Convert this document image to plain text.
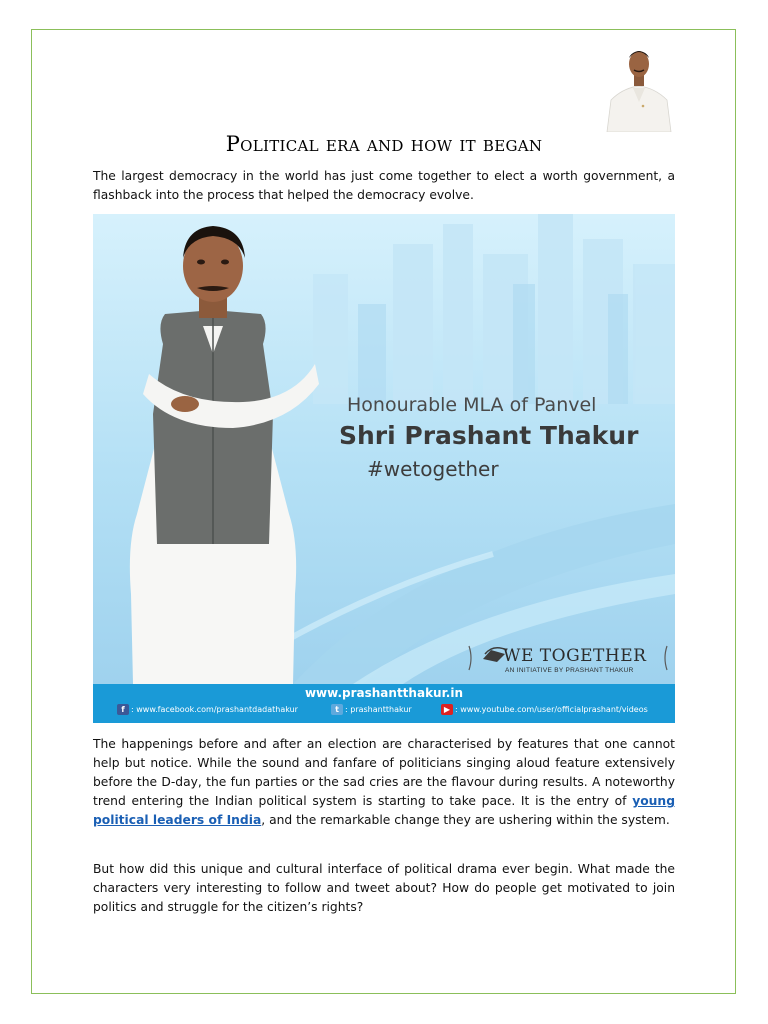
Political era and how it began

The largest democracy in the world has just come together to elect a worth government, a flashback into the process that helped the democracy evolve.

Honourable MLA of Panvel
Shri Prashant Thakur
#wetogether
WE TOGETHER
AN INITIATIVE BY PRASHANT THAKUR
www.prashantthakur.in
f : www.facebook.com/prashantdadathakur	t : prashantthakur	▶ : www.youtube.com/user/officialprashant/videos

The happenings before and after an election are characterised by features that one cannot help but notice. While the sound and fanfare of politicians singing aloud feature extensively before the D-day, the fun parties or the sad cries are the flavour during results. A noteworthy trend entering the Indian political system is starting to take pace. It is the entry of young political leaders of India, and the remarkable change they are ushering within the system.

But how did this unique and cultural interface of political drama ever begin. What made the characters very interesting to follow and tweet about? How do people get motivated to join politics and struggle for the citizen’s rights?
